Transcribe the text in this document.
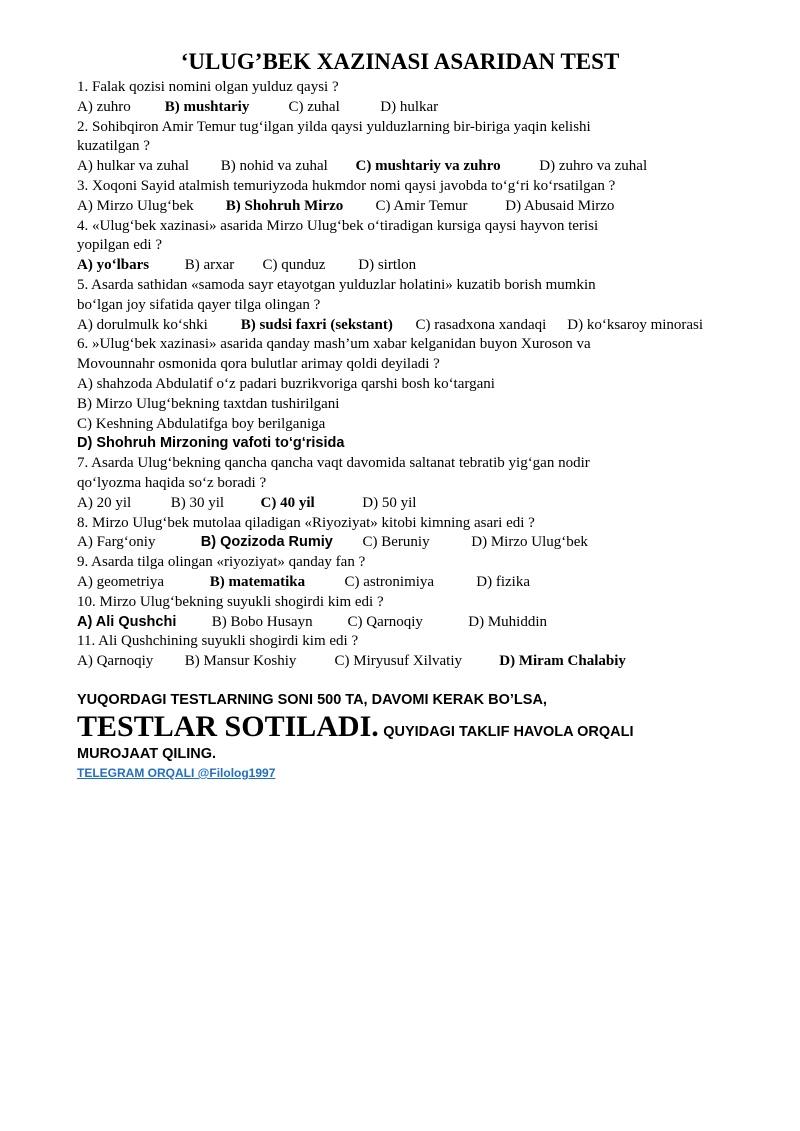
‘ULUG’BEK XAZINASI ASARIDAN TEST
1. Falak qozisi nomini olgan yulduz qaysi ?
A) zuhro B) mushtariy	C) zuhal	D) hulkar
2. Sohibqiron Amir Temur tug‘ilgan yilda qaysi yulduzlarning bir-biriga yaqin kelishi kuzatilgan ?
A) hulkar va zuhal B) nohid va zuhal C) mushtariy va zuhro	D) zuhro va zuhal
3. Xoqoni Sayid atalmish temuriyzoda hukmdor nomi qaysi javobda to‘g‘ri ko‘rsatilgan ?
A) Mirzo Ulug‘bek B) Shohruh Mirzo C) Amir Temur	D) Abusaid Mirzo
4. «Ulug‘bek xazinasi» asarida Mirzo Ulug‘bek o‘tiradigan kursiga qaysi hayvon terisi yopilgan edi ?
A) yo‘lbars B) arxar C) qunduz D) sirtlon
5. Asarda sathidan «samoda sayr etayotgan yulduzlar holatini» kuzatib borish mumkin bo‘lgan joy sifatida qayer tilga olingan ?
A) dorulmulk ko‘shki B) sudsi faxri (sekstant) C) rasadxona xandaqi D) ko‘ksaroy minorasi
6. »Ulug‘bek xazinasi» asarida qanday mash’um xabar kelganidan buyon Xuroson va Movounnahr osmonida qora bulutlar arimay qoldi deyiladi ?
A) shahzoda Abdulatif o‘z padari buzrikvoriga qarshi bosh ko‘targani
B) Mirzo Ulug‘bekning taxtdan tushirilgani
C) Keshning Abdulatifga boy berilganiga
D) Shohruh Mirzoning vafoti to‘g‘risida
7. Asarda Ulug‘bekning qancha qancha vaqt davomida saltanat tebratib yig‘gan nodir qo‘lyozma haqida so‘z boradi ?
A) 20 yil	B) 30 yil C) 40 yil	D) 50 yil
8. Mirzo Ulug‘bek mutolaa qiladigan «Riyoziyat» kitobi kimning asari edi ?
A) Farg‘oniy	B) Qozizoda Rumiy C) Beruniy	D) Mirzo Ulug‘bek
9. Asarda tilga olingan «riyoziyat» qanday fan ?
A) geometriya	B) matematika	C) astronimiya	D) fizika
10. Mirzo Ulug‘bekning suyukli shogirdi kim edi ?
A) Ali Qushchi B) Bobo Husayn C) Qarnoqiy	D) Muhiddin
11. Ali Qushchining suyukli shogirdi kim edi ?
A) Qarnoqiy B) Mansur Koshiy	C) Miryusuf Xilvatiy D) Miram Chalabiy
YUQORDAGI TESTLARNING SONI 500 TA, DAVOMI KERAK BO’LSA,
TESTLAR SOTILADI. QUYIDAGI TAKLIF HAVOLA ORQALI
MUROJAAT QILING.
TELEGRAM ORQALI @Filolog1997
